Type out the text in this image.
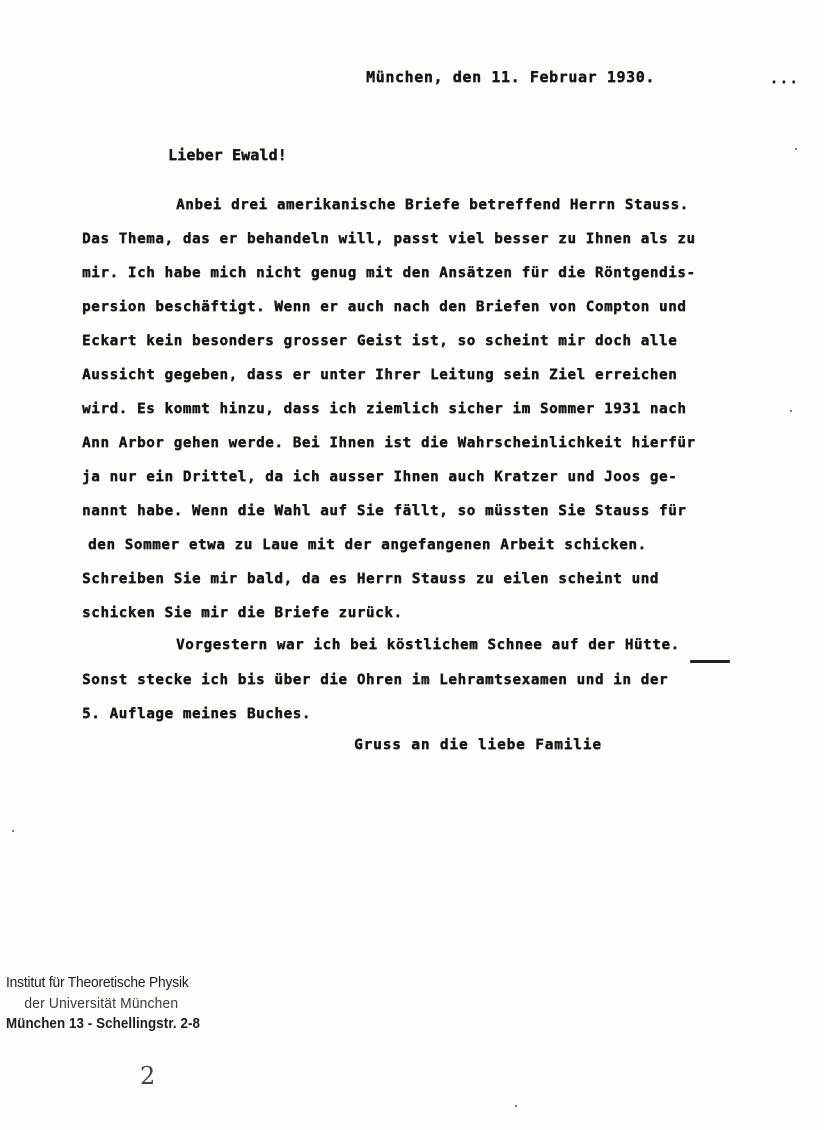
München, den 11. Februar 1930.	...
Lieber Ewald!
Anbei drei amerikanische Briefe betreffend Herrn Stauss.
Das Thema, das er behandeln will, passt viel besser zu Ihnen als zu
mir. Ich habe mich nicht genug mit den Ansätzen für die Röntgendis-
persion beschäftigt. Wenn er auch nach den Briefen von Compton und
Eckart kein besonders grosser Geist ist, so scheint mir doch alle
Aussicht gegeben, dass er unter Ihrer Leitung sein Ziel erreichen
wird. Es kommt hinzu, dass ich ziemlich sicher im Sommer 1931 nach
Ann Arbor gehen werde. Bei Ihnen ist die Wahrscheinlichkeit hierfür
ja nur ein Drittel, da ich ausser Ihnen auch Kratzer und Joos ge-
nannt habe. Wenn die Wahl auf Sie fällt, so müssten Sie Stauss für
den Sommer etwa zu Laue mit der angefangenen Arbeit schicken.
Schreiben Sie mir bald, da es Herrn Stauss zu eilen scheint und
schicken Sie mir die Briefe zurück.
Vorgestern war ich bei köstlichem Schnee auf der Hütte.
Sonst stecke ich bis über die Ohren im Lehramtsexamen und in der
5. Auflage meines Buches.
Gruss an die liebe Familie
Institut für Theoretische Physik
der Universität München
München 13 - Schellingstr. 2-8
2
